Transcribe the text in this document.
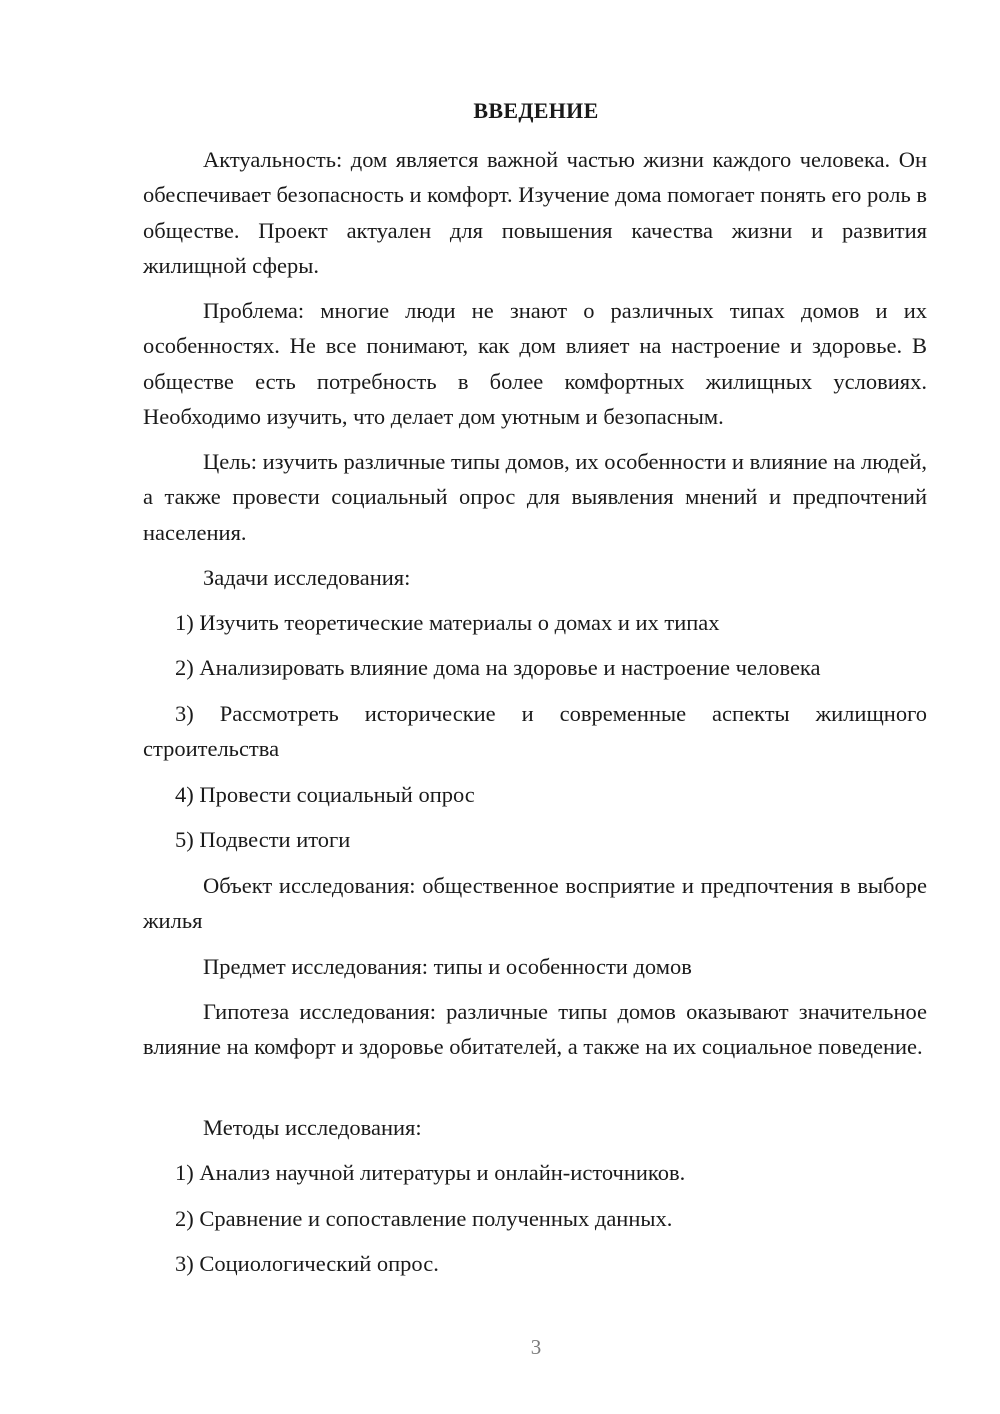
ВВЕДЕНИЕ

Актуальность: дом является важной частью жизни каждого человека. Он обеспечивает безопасность и комфорт. Изучение дома помогает понять его роль в обществе. Проект актуален для повышения качества жизни и развития жилищной сферы.

Проблема: многие люди не знают о различных типах домов и их особенностях. Не все понимают, как дом влияет на настроение и здоровье. В обществе есть потребность в более комфортных жилищных условиях. Необходимо изучить, что делает дом уютным и безопасным.

Цель: изучить различные типы домов, их особенности и влияние на людей, а также провести социальный опрос для выявления мнений и предпочтений населения.

Задачи исследования:

1) Изучить теоретические материалы о домах и их типах

2) Анализировать влияние дома на здоровье и настроение человека

3) Рассмотреть исторические и современные аспекты жилищного строительства

4) Провести социальный опрос

5) Подвести итоги

Объект исследования: общественное восприятие и предпочтения в выборе жилья

Предмет исследования: типы и особенности домов

Гипотеза исследования: различные типы домов оказывают значительное влияние на комфорт и здоровье обитателей, а также на их социальное поведение.

Методы исследования:

1) Анализ научной литературы и онлайн-источников.

2) Сравнение и сопоставление полученных данных.

3) Социологический опрос.

3
